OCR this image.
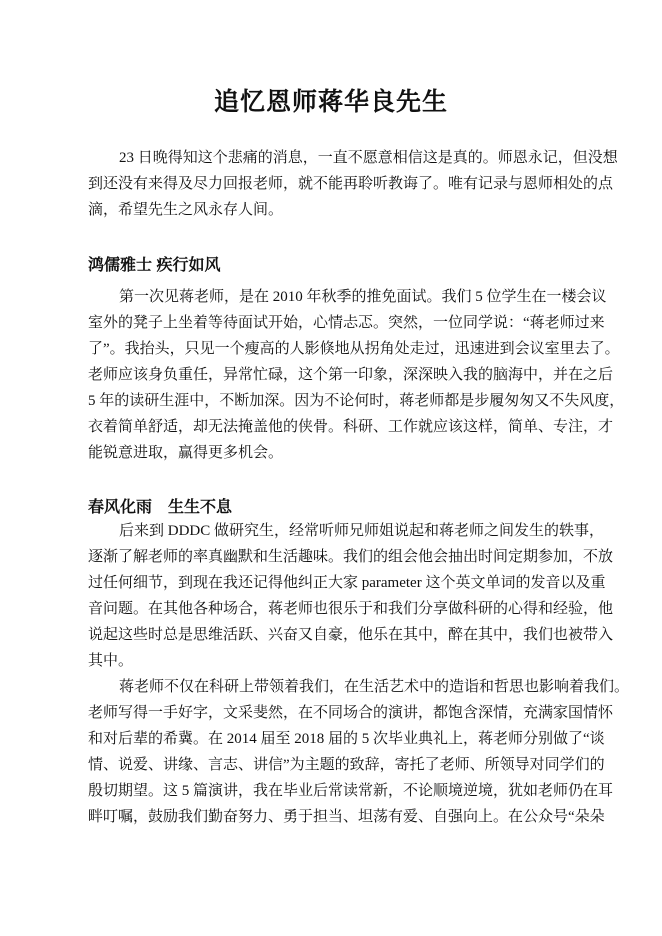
追忆恩师蒋华良先生
23 日晚得知这个悲痛的消息，一直不愿意相信这是真的。师恩永记，但没想
到还没有来得及尽力回报老师，就不能再聆听教诲了。唯有记录与恩师相处的点
滴，希望先生之风永存人间。
鸿儒雅士 疾行如风
第一次见蒋老师，是在 2010 年秋季的推免面试。我们 5 位学生在一楼会议
室外的凳子上坐着等待面试开始，心情忐忑。突然，一位同学说：“蒋老师过来
了”。我抬头，只见一个瘦高的人影倏地从拐角处走过，迅速进到会议室里去了。
老师应该身负重任，异常忙碌，这个第一印象，深深映入我的脑海中，并在之后
5 年的读研生涯中，不断加深。因为不论何时，蒋老师都是步履匆匆又不失风度，
衣着简单舒适，却无法掩盖他的侠骨。科研、工作就应该这样，简单、专注，才
能锐意进取，赢得更多机会。
春风化雨　生生不息
后来到 DDDC 做研究生，经常听师兄师姐说起和蒋老师之间发生的轶事，
逐渐了解老师的率真幽默和生活趣味。我们的组会他会抽出时间定期参加，不放
过任何细节，到现在我还记得他纠正大家 parameter 这个英文单词的发音以及重
音问题。在其他各种场合，蒋老师也很乐于和我们分享做科研的心得和经验，他
说起这些时总是思维活跃、兴奋又自豪，他乐在其中，醉在其中，我们也被带入
其中。
蒋老师不仅在科研上带领着我们，在生活艺术中的造诣和哲思也影响着我们。
老师写得一手好字，文采斐然，在不同场合的演讲，都饱含深情，充满家国情怀
和对后辈的希冀。在 2014 届至 2018 届的 5 次毕业典礼上，蒋老师分别做了“谈
情、说爱、讲缘、言志、讲信”为主题的致辞，寄托了老师、所领导对同学们的
殷切期望。这 5 篇演讲，我在毕业后常读常新，不论顺境逆境，犹如老师仍在耳
畔叮嘱，鼓励我们勤奋努力、勇于担当、坦荡有爱、自强向上。在公众号“朵朵
